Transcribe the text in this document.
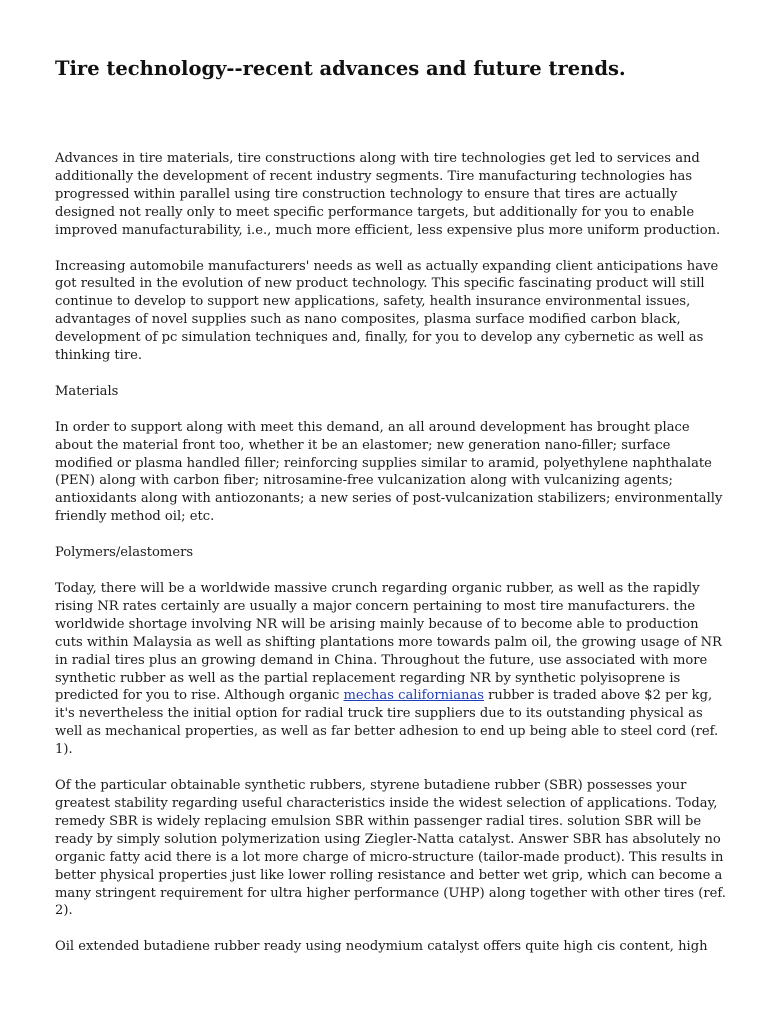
Tire technology--recent advances and future trends.

Advances in tire materials, tire constructions along with tire technologies get led to services and
additionally the development of recent industry segments. Tire manufacturing technologies has
progressed within parallel using tire construction technology to ensure that tires are actually
designed not really only to meet specific performance targets, but additionally for you to enable
improved manufacturability, i.e., much more efficient, less expensive plus more uniform production.

Increasing automobile manufacturers' needs as well as actually expanding client anticipations have
got resulted in the evolution of new product technology. This specific fascinating product will still
continue to develop to support new applications, safety, health insurance environmental issues,
advantages of novel supplies such as nano composites, plasma surface modified carbon black,
development of pc simulation techniques and, finally, for you to develop any cybernetic as well as
thinking tire.

Materials

In order to support along with meet this demand, an all around development has brought place
about the material front too, whether it be an elastomer; new generation nano-filler; surface
modified or plasma handled filler; reinforcing supplies similar to aramid, polyethylene naphthalate
(PEN) along with carbon fiber; nitrosamine-free vulcanization along with vulcanizing agents;
antioxidants along with antiozonants; a new series of post-vulcanization stabilizers; environmentally
friendly method oil; etc.

Polymers/elastomers

Today, there will be a worldwide massive crunch regarding organic rubber, as well as the rapidly
rising NR rates certainly are usually a major concern pertaining to most tire manufacturers. the
worldwide shortage involving NR will be arising mainly because of to become able to production
cuts within Malaysia as well as shifting plantations more towards palm oil, the growing usage of NR
in radial tires plus an growing demand in China. Throughout the future, use associated with more
synthetic rubber as well as the partial replacement regarding NR by synthetic polyisoprene is
predicted for you to rise. Although organic mechas californianas rubber is traded above $2 per kg,
it's nevertheless the initial option for radial truck tire suppliers due to its outstanding physical as
well as mechanical properties, as well as far better adhesion to end up being able to steel cord (ref.
1).

Of the particular obtainable synthetic rubbers, styrene butadiene rubber (SBR) possesses your
greatest stability regarding useful characteristics inside the widest selection of applications. Today,
remedy SBR is widely replacing emulsion SBR within passenger radial tires. solution SBR will be
ready by simply solution polymerization using Ziegler-Natta catalyst. Answer SBR has absolutely no
organic fatty acid there is a lot more charge of micro-structure (tailor-made product). This results in
better physical properties just like lower rolling resistance and better wet grip, which can become a
many stringent requirement for ultra higher performance (UHP) along together with other tires (ref.
2).

Oil extended butadiene rubber ready using neodymium catalyst offers quite high cis content, high
